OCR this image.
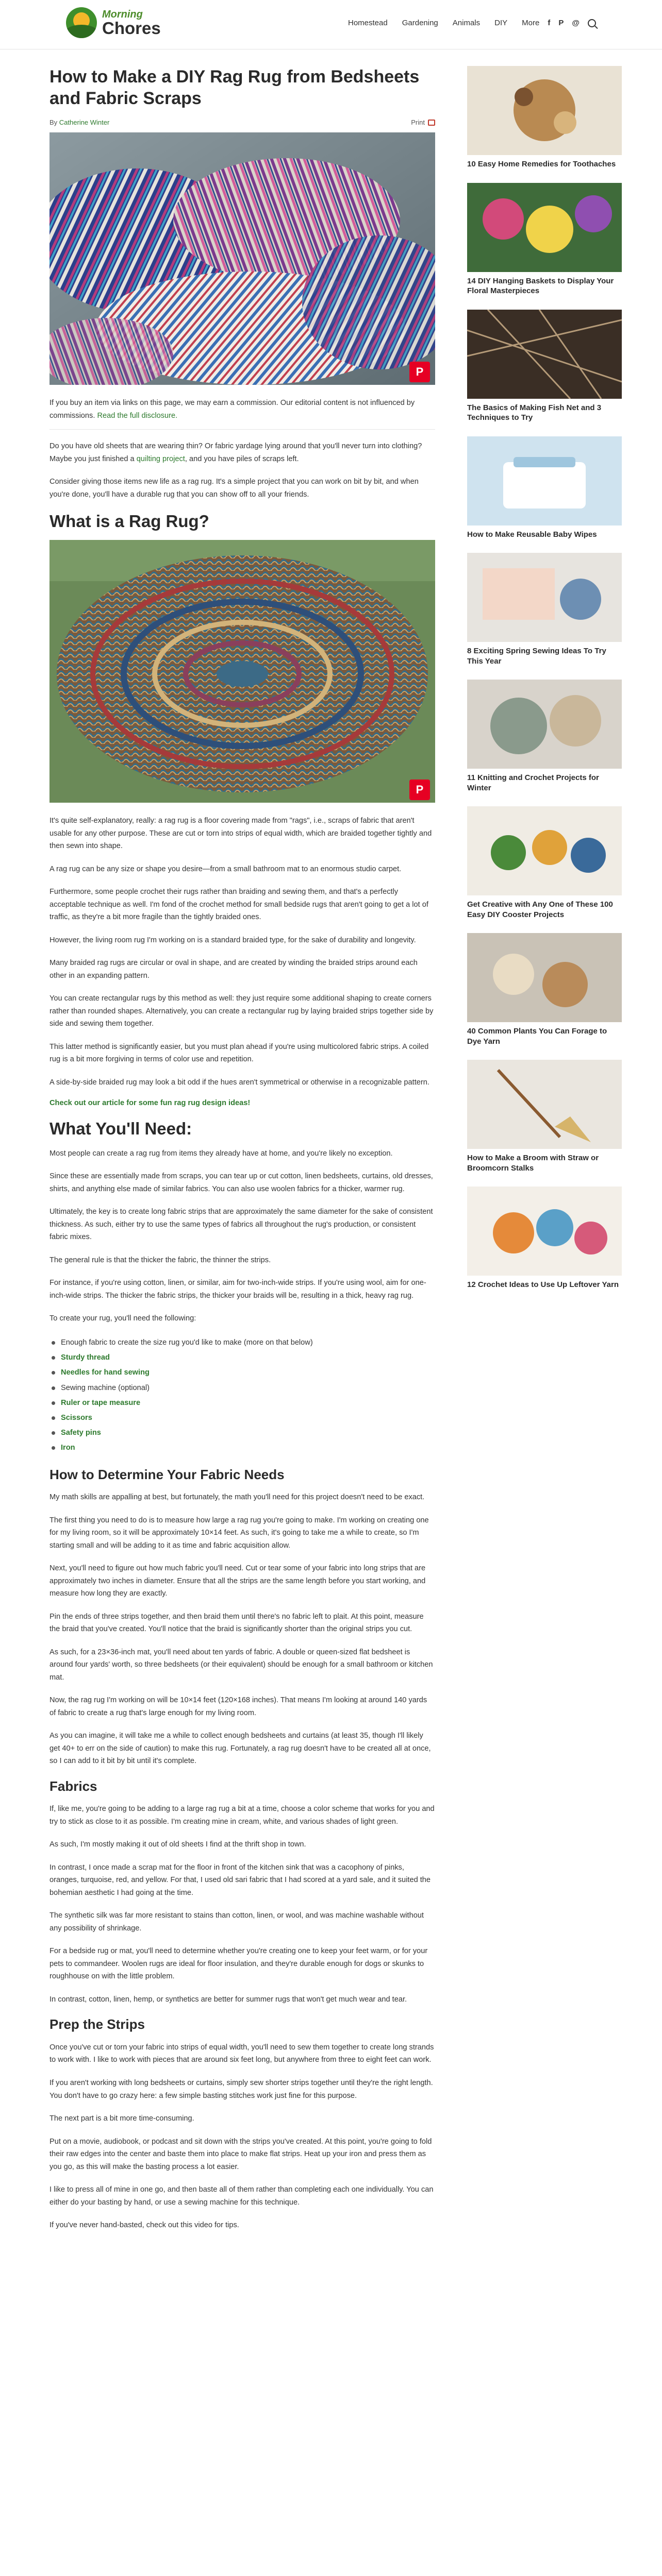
Morning
Chores	Homestead Gardening Animals DIY More f P @
How to Make a DIY Rag Rug from Bedsheets and Fabric Scraps
By Catherine Winter	Print
P

If you buy an item via links on this page, we may earn a commission. Our editorial content is not influenced by commissions. Read the full disclosure.

Do you have old sheets that are wearing thin? Or fabric yardage lying around that you'll never turn into clothing? Maybe you just finished a quilting project, and you have piles of scraps left.

Consider giving those items new life as a rag rug. It's a simple project that you can work on bit by bit, and when you're done, you'll have a durable rug that you can show off to all your friends.

What is a Rag Rug?
P

It's quite self-explanatory, really: a rag rug is a floor covering made from "rags", i.e., scraps of fabric that aren't usable for any other purpose. These are cut or torn into strips of equal width, which are braided together tightly and then sewn into shape.

A rag rug can be any size or shape you desire—from a small bathroom mat to an enormous studio carpet.

Furthermore, some people crochet their rugs rather than braiding and sewing them, and that's a perfectly acceptable technique as well. I'm fond of the crochet method for small bedside rugs that aren't going to get a lot of traffic, as they're a bit more fragile than the tightly braided ones.

However, the living room rug I'm working on is a standard braided type, for the sake of durability and longevity.

Many braided rag rugs are circular or oval in shape, and are created by winding the braided strips around each other in an expanding pattern.

You can create rectangular rugs by this method as well: they just require some additional shaping to create corners rather than rounded shapes. Alternatively, you can create a rectangular rug by laying braided strips together side by side and sewing them together.

This latter method is significantly easier, but you must plan ahead if you're using multicolored fabric strips. A coiled rug is a bit more forgiving in terms of color use and repetition.

A side-by-side braided rug may look a bit odd if the hues aren't symmetrical or otherwise in a recognizable pattern.

Check out our article for some fun rag rug design ideas!
What You'll Need:

Most people can create a rag rug from items they already have at home, and you're likely no exception.

Since these are essentially made from scraps, you can tear up or cut cotton, linen bedsheets, curtains, old dresses, shirts, and anything else made of similar fabrics. You can also use woolen fabrics for a thicker, warmer rug.

Ultimately, the key is to create long fabric strips that are approximately the same diameter for the sake of consistent thickness. As such, either try to use the same types of fabrics all throughout the rug's production, or consistent fabric mixes.

The general rule is that the thicker the fabric, the thinner the strips.

For instance, if you're using cotton, linen, or similar, aim for two-inch-wide strips. If you're using wool, aim for one-inch-wide strips. The thicker the fabric strips, the thicker your braids will be, resulting in a thick, heavy rag rug.

To create your rug, you'll need the following:

Enough fabric to create the size rug you'd like to make (more on that below)
Sturdy thread
Needles for hand sewing
Sewing machine (optional)
Ruler or tape measure
Scissors
Safety pins
Iron
How to Determine Your Fabric Needs

My math skills are appalling at best, but fortunately, the math you'll need for this project doesn't need to be exact.

The first thing you need to do is to measure how large a rag rug you're going to make. I'm working on creating one for my living room, so it will be approximately 10×14 feet. As such, it's going to take me a while to create, so I'm starting small and will be adding to it as time and fabric acquisition allow.

Next, you'll need to figure out how much fabric you'll need. Cut or tear some of your fabric into long strips that are approximately two inches in diameter. Ensure that all the strips are the same length before you start working, and measure how long they are exactly.

Pin the ends of three strips together, and then braid them until there's no fabric left to plait. At this point, measure the braid that you've created. You'll notice that the braid is significantly shorter than the original strips you cut.

As such, for a 23×36-inch mat, you'll need about ten yards of fabric. A double or queen-sized flat bedsheet is around four yards' worth, so three bedsheets (or their equivalent) should be enough for a small bathroom or kitchen mat.

Now, the rag rug I'm working on will be 10×14 feet (120×168 inches). That means I'm looking at around 140 yards of fabric to create a rug that's large enough for my living room.

As you can imagine, it will take me a while to collect enough bedsheets and curtains (at least 35, though I'll likely get 40+ to err on the side of caution) to make this rug. Fortunately, a rag rug doesn't have to be created all at once, so I can add to it bit by bit until it's complete.

Fabrics

If, like me, you're going to be adding to a large rag rug a bit at a time, choose a color scheme that works for you and try to stick as close to it as possible. I'm creating mine in cream, white, and various shades of light green.

As such, I'm mostly making it out of old sheets I find at the thrift shop in town.

In contrast, I once made a scrap mat for the floor in front of the kitchen sink that was a cacophony of pinks, oranges, turquoise, red, and yellow. For that, I used old sari fabric that I had scored at a yard sale, and it suited the bohemian aesthetic I had going at the time.

The synthetic silk was far more resistant to stains than cotton, linen, or wool, and was machine washable without any possibility of shrinkage.

For a bedside rug or mat, you'll need to determine whether you're creating one to keep your feet warm, or for your pets to commandeer. Woolen rugs are ideal for floor insulation, and they're durable enough for dogs or skunks to roughhouse on with the little problem.

In contrast, cotton, linen, hemp, or synthetics are better for summer rugs that won't get much wear and tear.

Prep the Strips

Once you've cut or torn your fabric into strips of equal width, you'll need to sew them together to create long strands to work with. I like to work with pieces that are around six feet long, but anywhere from three to eight feet can work.

If you aren't working with long bedsheets or curtains, simply sew shorter strips together until they're the right length. You don't have to go crazy here: a few simple basting stitches work just fine for this purpose.

The next part is a bit more time-consuming.

Put on a movie, audiobook, or podcast and sit down with the strips you've created. At this point, you're going to fold their raw edges into the center and baste them into place to make flat strips. Heat up your iron and press them as you go, as this will make the basting process a lot easier.

I like to press all of mine in one go, and then baste all of them rather than completing each one individually. You can either do your basting by hand, or use a sewing machine for this technique.

If you've never hand-basted, check out this video for tips.

10 Easy Home Remedies for Toothaches
14 DIY Hanging Baskets to Display Your Floral Masterpieces
The Basics of Making Fish Net and 3 Techniques to Try
How to Make Reusable Baby Wipes
8 Exciting Spring Sewing Ideas To Try This Year
11 Knitting and Crochet Projects for Winter
Get Creative with Any One of These 100 Easy DIY Cooster Projects
40 Common Plants You Can Forage to Dye Yarn
How to Make a Broom with Straw or Broomcorn Stalks
12 Crochet Ideas to Use Up Leftover Yarn
